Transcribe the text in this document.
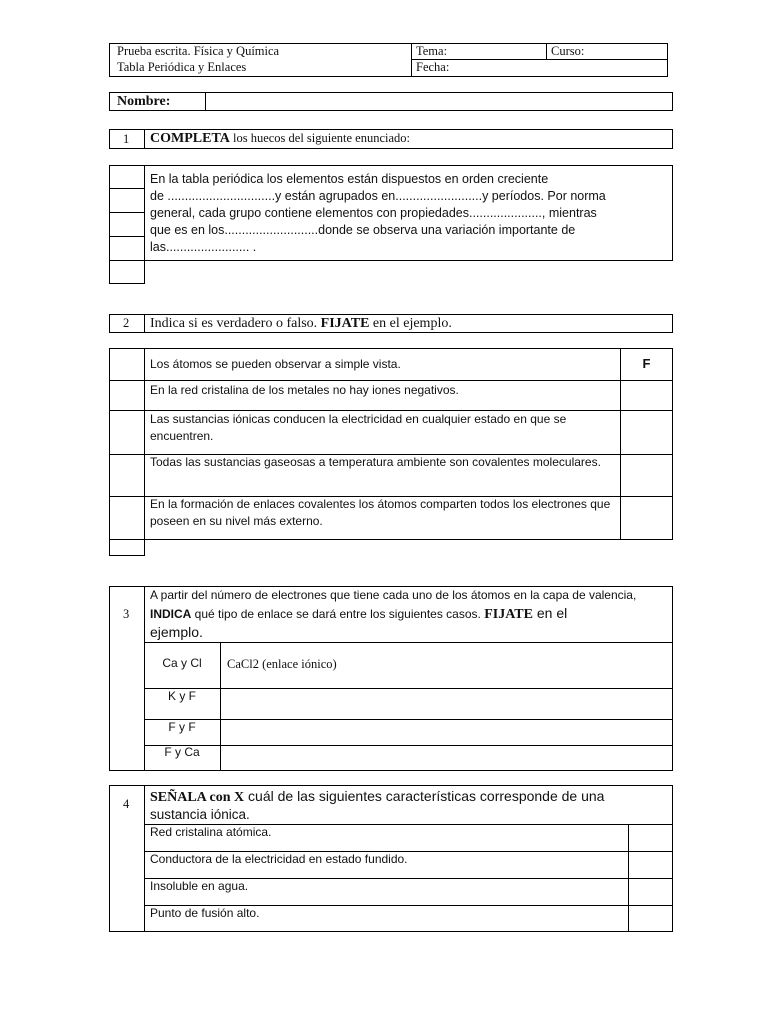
Prueba escrita. Física y Química
Tabla Periódica y Enlaces
Tema:	Curso:
Fecha:
Nombre:
1 COMPLETA los huecos del siguiente enunciado:
En la tabla periódica los elementos están dispuestos en orden creciente
de ...............................y están agrupados en.........................y períodos. Por norma
general, cada grupo contiene elementos con propiedades....................., mientras
que es en los...........................donde se observa una variación importante de
las........................ .
2 Indica si es verdadero o falso. FIJATE en el ejemplo.
Los átomos se pueden observar a simple vista.	F
En la red cristalina de los metales no hay iones negativos.
Las sustancias iónicas conducen la electricidad en cualquier estado en que se encuentren.
Todas las sustancias gaseosas a temperatura ambiente son covalentes moleculares.
En la formación de enlaces covalentes los átomos comparten todos los electrones que poseen en su nivel más externo.
3
A partir del número de electrones que tiene cada uno de los átomos en la capa de valencia,
INDICA qué tipo de enlace se dará entre los siguientes casos. FIJATE en el
ejemplo.
Ca y Cl	CaCl2 (enlace iónico)
K y F
F y F
F y Ca
4 SEÑALA con X cuál de las siguientes características corresponde de una
sustancia iónica.
Red cristalina atómica.
Conductora de la electricidad en estado fundido.
Insoluble en agua.
Punto de fusión alto.
